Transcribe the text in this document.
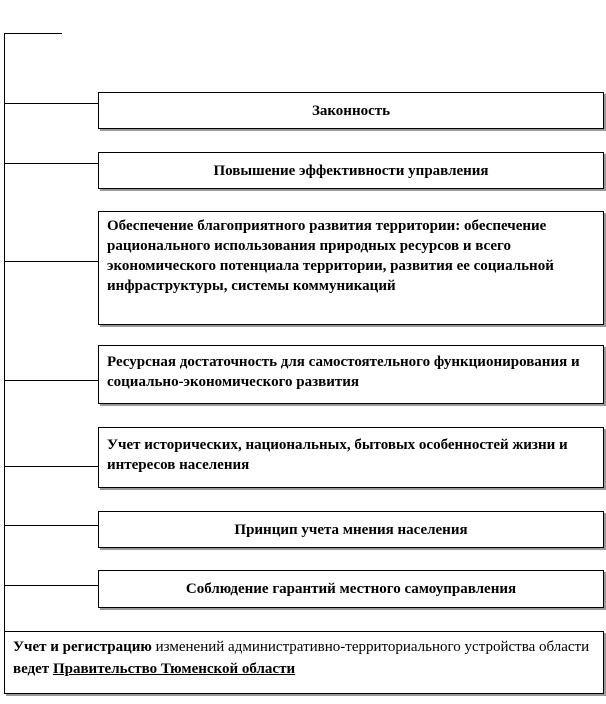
Законность
Повышение эффективности управления
Обеспечение благоприятного развития территории: обеспечение рационального использования природных ресурсов и всего экономического потенциала территории, развития ее социальной инфраструктуры, системы коммуникаций
Ресурсная достаточность для самостоятельного функционирования и социально-экономического развития
Учет исторических, национальных, бытовых особенностей жизни и интересов населения
Принцип учета мнения населения
Соблюдение гарантий местного самоуправления
Учет и регистрацию изменений административно-территориального устройства области ведет Правительство Тюменской области
